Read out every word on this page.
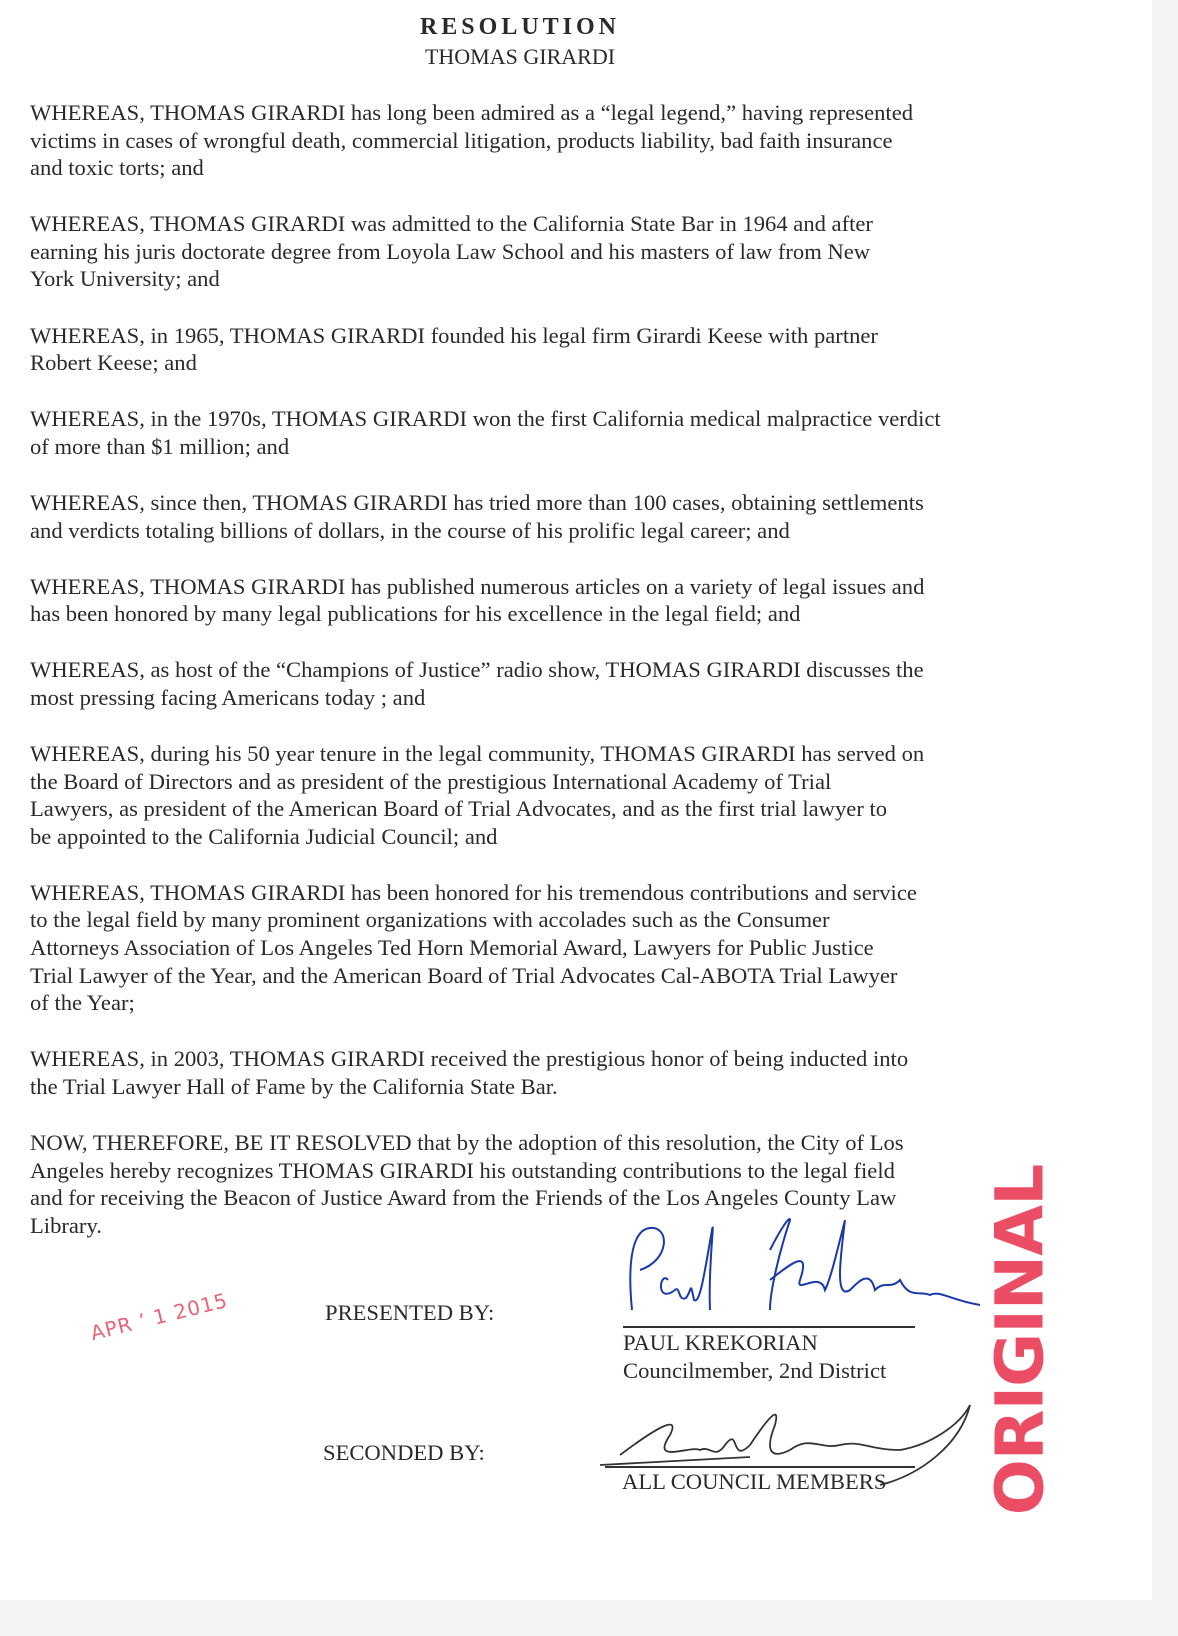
RESOLUTION
THOMAS GIRARDI
WHEREAS, THOMAS GIRARDI has long been admired as a “legal legend,” having represented
victims in cases of wrongful death, commercial litigation, products liability, bad faith insurance
and toxic torts; and
WHEREAS, THOMAS GIRARDI was admitted to the California State Bar in 1964 and after
earning his juris doctorate degree from Loyola Law School and his masters of law from New
York University; and
WHEREAS, in 1965, THOMAS GIRARDI founded his legal firm Girardi Keese with partner
Robert Keese; and
WHEREAS, in the 1970s, THOMAS GIRARDI won the first California medical malpractice verdict
of more than $1 million; and
WHEREAS, since then, THOMAS GIRARDI has tried more than 100 cases, obtaining settlements
and verdicts totaling billions of dollars, in the course of his prolific legal career; and
WHEREAS, THOMAS GIRARDI has published numerous articles on a variety of legal issues and
has been honored by many legal publications for his excellence in the legal field; and
WHEREAS, as host of the “Champions of Justice” radio show, THOMAS GIRARDI discusses the
most pressing facing Americans today ; and
WHEREAS, during his 50 year tenure in the legal community, THOMAS GIRARDI has served on
the Board of Directors and as president of the prestigious International Academy of Trial
Lawyers, as president of the American Board of Trial Advocates, and as the first trial lawyer to
be appointed to the California Judicial Council; and
WHEREAS, THOMAS GIRARDI has been honored for his tremendous contributions and service
to the legal field by many prominent organizations with accolades such as the Consumer
Attorneys Association of Los Angeles Ted Horn Memorial Award, Lawyers for Public Justice
Trial Lawyer of the Year, and the American Board of Trial Advocates Cal-ABOTA Trial Lawyer
of the Year;
WHEREAS, in 2003, THOMAS GIRARDI received the prestigious honor of being inducted into
the Trial Lawyer Hall of Fame by the California State Bar.
NOW, THEREFORE, BE IT RESOLVED that by the adoption of this resolution, the City of Los
Angeles hereby recognizes THOMAS GIRARDI his outstanding contributions to the legal field
and for receiving the Beacon of Justice Award from the Friends of the Los Angeles County Law
Library.
APR ʼ 1 2015	PRESENTED BY:
PAUL KREKORIAN
Councilmember, 2nd District
SECONDED BY:
ALL COUNCIL MEMBERS ORIGINAL
